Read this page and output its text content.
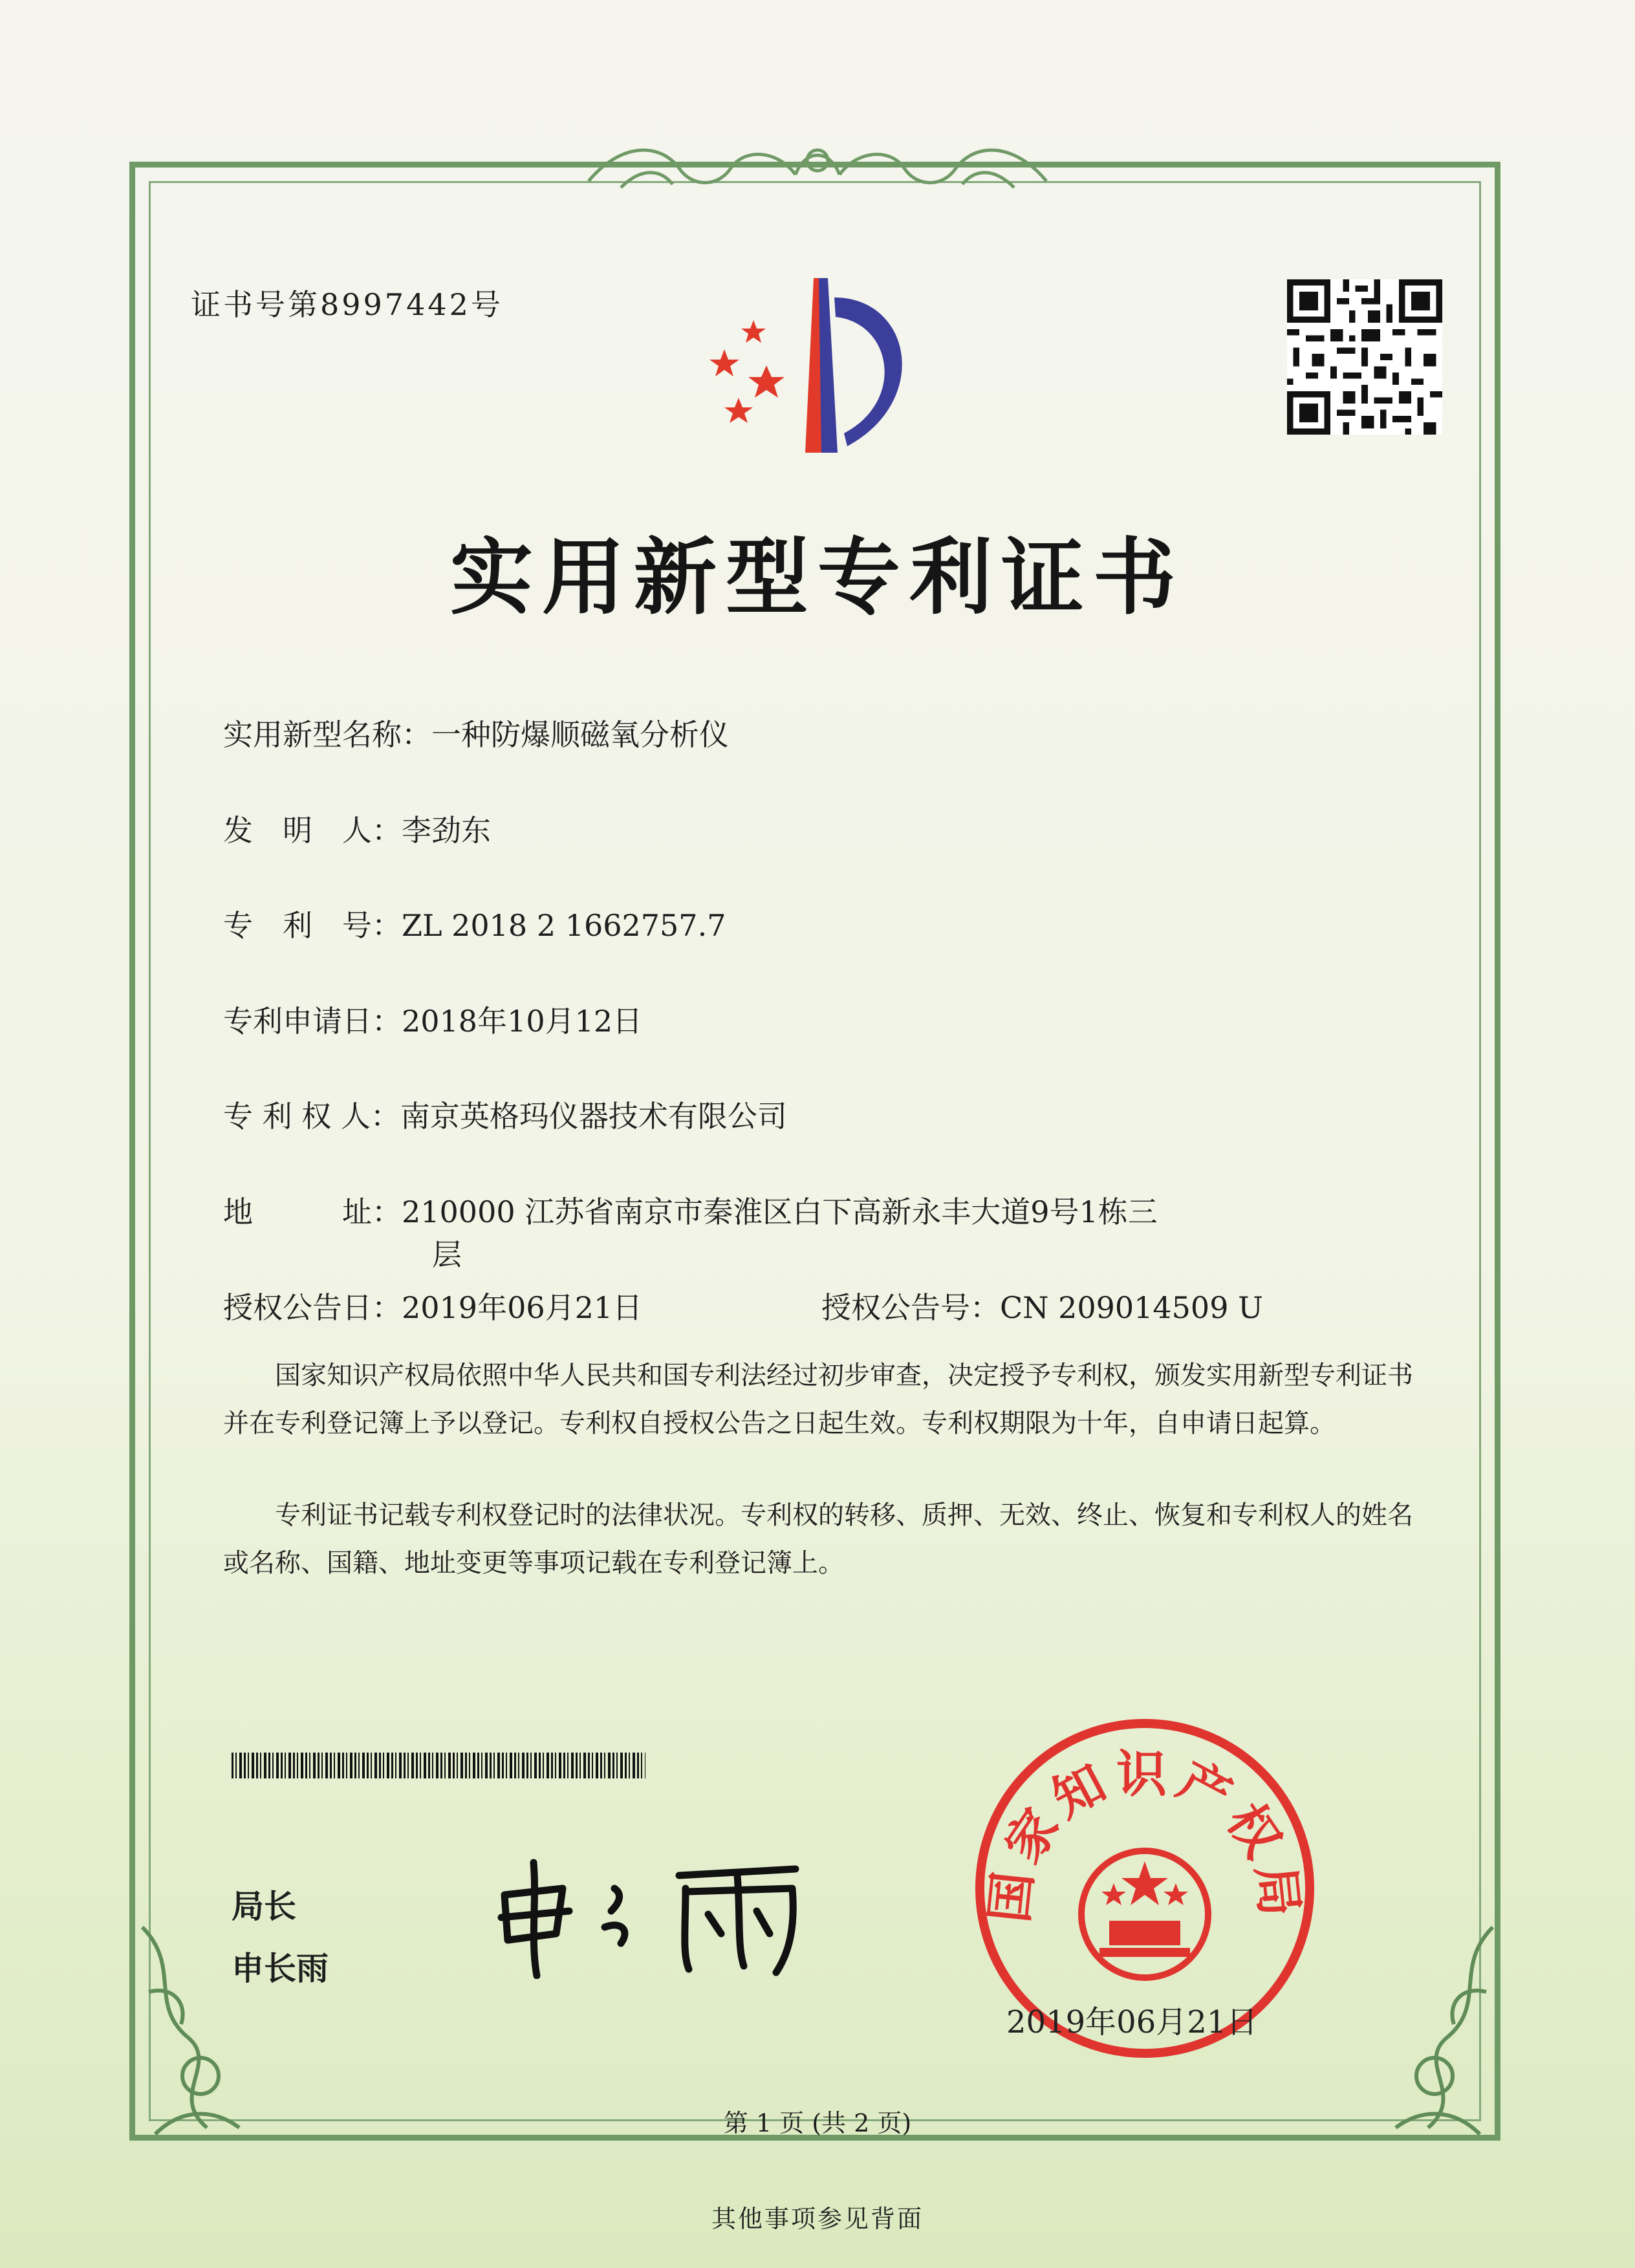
证书号第8997442号
实用新型专利证书
实用新型名称：一种防爆顺磁氧分析仪
发　明　人：李劲东
专　利　号：ZL 2018 2 1662757.7
专利申请日：2018年10月12日
专 利 权 人：南京英格玛仪器技术有限公司
地　　　址：210000 江苏省南京市秦淮区白下高新永丰大道9号1栋三
层
授权公告日：2019年06月21日	授权公告号：CN 209014509 U
国家知识产权局依照中华人民共和国专利法经过初步审查，决定授予专利权，颁发实用新型专利证书并在专利登记簿上予以登记。专利权自授权公告之日起生效。专利权期限为十年，自申请日起算。
专利证书记载专利权登记时的法律状况。专利权的转移、质押、无效、终止、恢复和专利权人的姓名或名称、国籍、地址变更等事项记载在专利登记簿上。
局长
申长雨
国家知识产权局
2019年06月21日
第 1 页 (共 2 页)
其他事项参见背面
